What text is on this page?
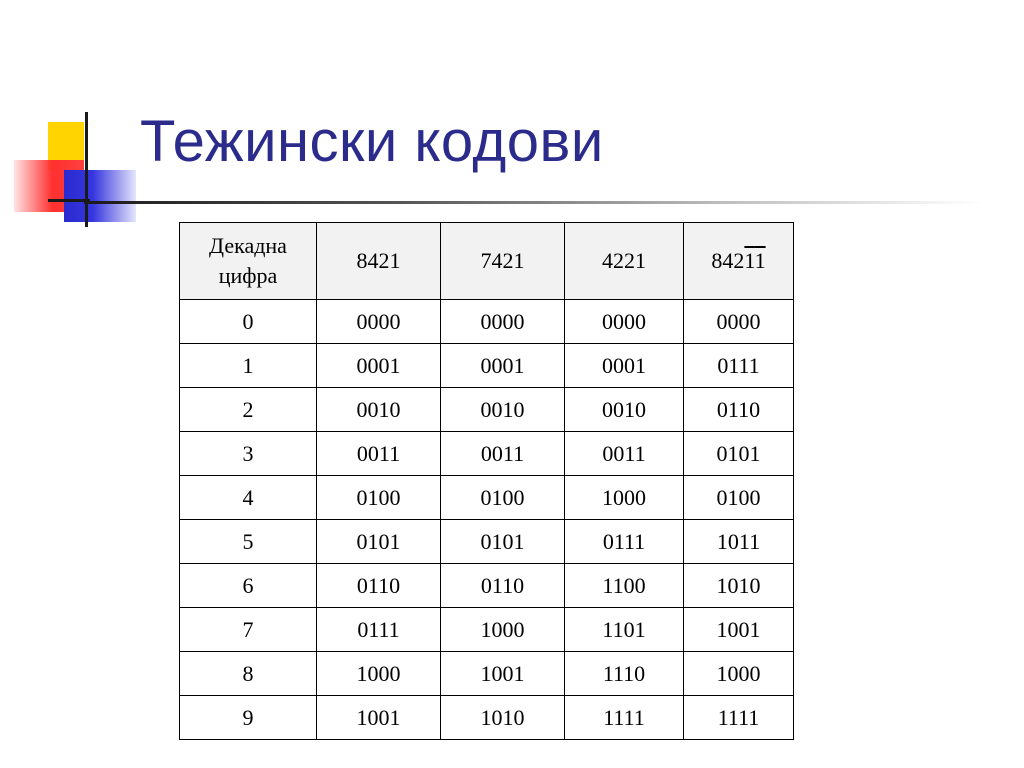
Тежински кодови
Декадна
цифра	8421	7421	4221	84211
0	0000	0000	0000	0000
1	0001	0001	0001	0111
2	0010	0010	0010	0110
3	0011	0011	0011	0101
4	0100	0100	1000	0100
5	0101	0101	0111	1011
6	0110	0110	1100	1010
7	0111	1000	1101	1001
8	1000	1001	1110	1000
9	1001	1010	1111	1111
